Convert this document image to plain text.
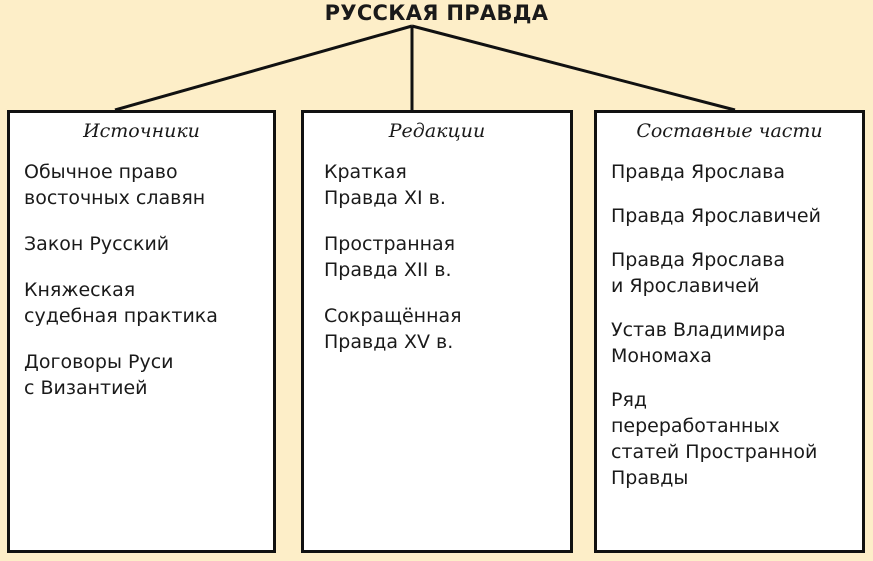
РУССКАЯ ПРАВДА
Источники
Обычное право
восточных славян
Закон Русский
Княжеская
судебная практика
Договоры Руси
с Византией
Редакции
Краткая
Правда XI в.
Пространная
Правда XII в.
Сокращённая
Правда XV в.
Составные части
Правда Ярослава
Правда Ярославичей
Правда Ярослава
и Ярославичей
Устав Владимира
Мономаха
Ряд
переработанных
статей Пространной
Правды
